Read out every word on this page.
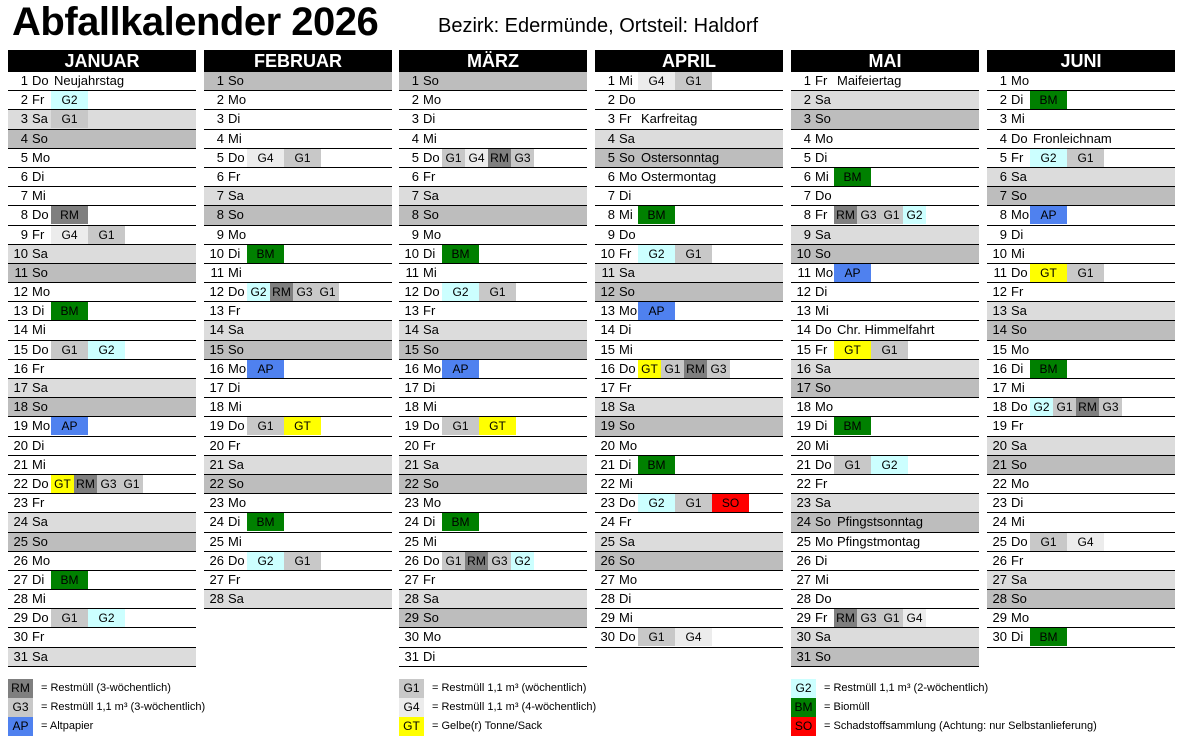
Abfallkalender 2026	Bezirk: Edermünde, Ortsteil: Haldorf
JANUAR
1 Do Neujahrstag
2 Fr	G2
3 Sa	G1
4 So
5 Mo
6 Di
7 Mi
8 Do RM
9 Fr	G4	G1
10 Sa
11 So
12 Mo
13 Di	BM
14 Mi
15 Do	G1	G2
16 Fr
17 Sa
18 So
19 Mo AP
20 Di
21 Mi
22 Do GT RM G3 G1
23 Fr
24 Sa
25 So
26 Mo
27 Di	BM
28 Mi
29 Do	G1	G2
30 Fr
31 Sa
FEBRUAR
1 So
2 Mo
3 Di
4 Mi
5 Do	G4	G1
6 Fr
7 Sa
8 So
9 Mo
10 Di	BM
11 Mi
12 Do G2 RM G3 G1
13 Fr
14 Sa
15 So
16 Mo AP
17 Di
18 Mi
19 Do	G1	GT
20 Fr
21 Sa
22 So
23 Mo
24 Di	BM
25 Mi
26 Do	G2	G1
27 Fr
28 Sa
MÄRZ
1 So
2 Mo
3 Di
4 Mi
5 Do G1 G4 RM G3
6 Fr
7 Sa
8 So
9 Mo
10 Di	BM
11 Mi
12 Do	G2	G1
13 Fr
14 Sa
15 So
16 Mo AP
17 Di
18 Mi
19 Do	G1	GT
20 Fr
21 Sa
22 So
23 Mo
24 Di	BM
25 Mi
26 Do G1 RM G3 G2
27 Fr
28 Sa
29 So
30 Mo
31 Di
APRIL
1 Mi	G4	G1
2 Do
3 Fr Karfreitag
4 Sa
5 So Ostersonntag
6 Mo Ostermontag
7 Di
8 Mi	BM
9 Do
10 Fr	G2	G1
11 Sa
12 So
13 Mo AP
14 Di
15 Mi
16 Do GT G1 RM G3
17 Fr
18 Sa
19 So
20 Mo
21 Di	BM
22 Mi
23 Do	G2	G1	SO
24 Fr
25 Sa
26 So
27 Mo
28 Di
29 Mi
30 Do	G1	G4
MAI
1 Fr Maifeiertag
2 Sa
3 So
4 Mo
5 Di
6 Mi	BM
7 Do
8 Fr RM G3 G1 G2
9 Sa
10 So
11 Mo AP
12 Di
13 Mi
14 Do Chr. Himmelfahrt
15 Fr	GT	G1
16 Sa
17 So
18 Mo
19 Di	BM
20 Mi
21 Do	G1	G2
22 Fr
23 Sa
24 So Pfingstsonntag
25 Mo Pfingstmontag
26 Di
27 Mi
28 Do
29 Fr RM G3 G1 G4
30 Sa
31 So
JUNI
1 Mo
2 Di	BM
3 Mi
4 Do Fronleichnam
5 Fr	G2	G1
6 Sa
7 So
8 Mo AP
9 Di
10 Mi
11 Do	GT	G1
12 Fr
13 Sa
14 So
15 Mo
16 Di	BM
17 Mi
18 Do G2 G1 RM G3
19 Fr
20 Sa
21 So
22 Mo
23 Di
24 Mi
25 Do	G1	G4
26 Fr
27 Sa
28 So
29 Mo
30 Di	BM
RM = Restmüll (3-wöchentlich)
G3 = Restmüll 1,1 m³ (3-wöchentlich)
AP = Altpapier
G1 = Restmüll 1,1 m³ (wöchentlich)
G4 = Restmüll 1,1 m³ (4-wöchentlich)
GT = Gelbe(r) Tonne/Sack
G2 = Restmüll 1,1 m³ (2-wöchentlich)
BM = Biomüll
SO = Schadstoffsammlung (Achtung: nur Selbstanlieferung)
